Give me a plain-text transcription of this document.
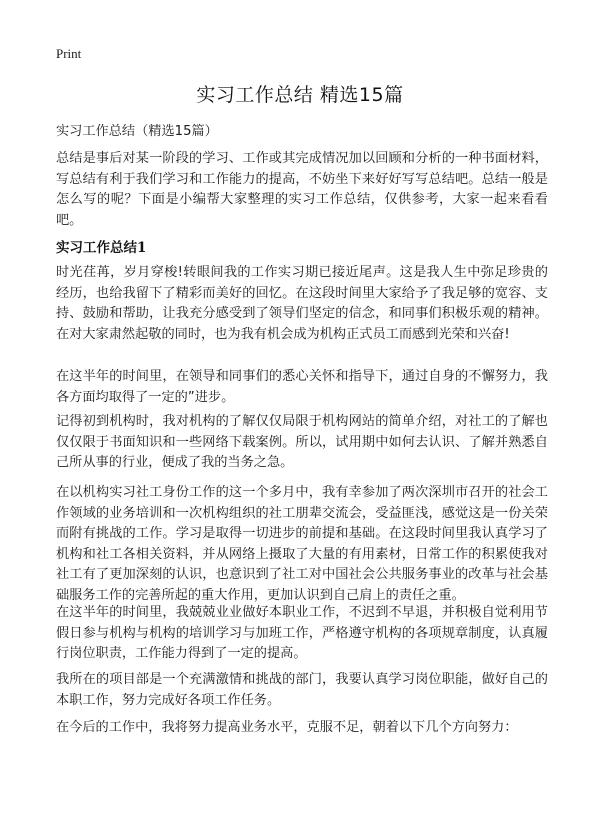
Print
实习工作总结 精选15篇

实习工作总结（精选15篇）

总结是事后对某一阶段的学习、工作或其完成情况加以回顾和分析的一种书面材料，写总结有利于我们学习和工作能力的提高，不妨坐下来好好写写总结吧。总结一般是怎么写的呢？下面是小编帮大家整理的实习工作总结，仅供参考，大家一起来看看吧。

实习工作总结1

时光荏苒，岁月穿梭!转眼间我的工作实习期已接近尾声。这是我人生中弥足珍贵的经历，也给我留下了精彩而美好的回忆。在这段时间里大家给予了我足够的宽容、支持、鼓励和帮助，让我充分感受到了领导们坚定的信念，和同事们积极乐观的精神。在对大家肃然起敬的同时，也为我有机会成为机构正式员工而感到光荣和兴奋!

在这半年的时间里，在领导和同事们的悉心关怀和指导下，通过自身的不懈努力，我各方面均取得了一定的”进步。

记得初到机构时，我对机构的了解仅仅局限于机构网站的简单介绍，对社工的了解也仅仅限于书面知识和一些网络下载案例。所以，试用期中如何去认识、了解并熟悉自己所从事的行业，便成了我的当务之急。

在以机构实习社工身份工作的这一个多月中，我有幸参加了两次深圳市召开的社会工作领域的业务培训和一次机构组织的社工朋辈交流会，受益匪浅，感觉这是一份关荣而附有挑战的工作。学习是取得一切进步的前提和基础。在这段时间里我认真学习了机构和社工各相关资料，并从网络上摄取了大量的有用素材，日常工作的积累使我对社工有了更加深刻的认识，也意识到了社工对中国社会公共服务事业的改革与社会基础服务工作的完善所起的重大作用，更加认识到自己肩上的责任之重。

在这半年的时间里，我兢兢业业做好本职业工作，不迟到不早退，并积极自觉利用节假日参与机构与机构的培训学习与加班工作，严格遵守机构的各项规章制度，认真履行岗位职责，工作能力得到了一定的提高。

我所在的项目部是一个充满激情和挑战的部门，我要认真学习岗位职能，做好自己的本职工作，努力完成好各项工作任务。

在今后的工作中，我将努力提高业务水平，克服不足，朝着以下几个方向努力：
